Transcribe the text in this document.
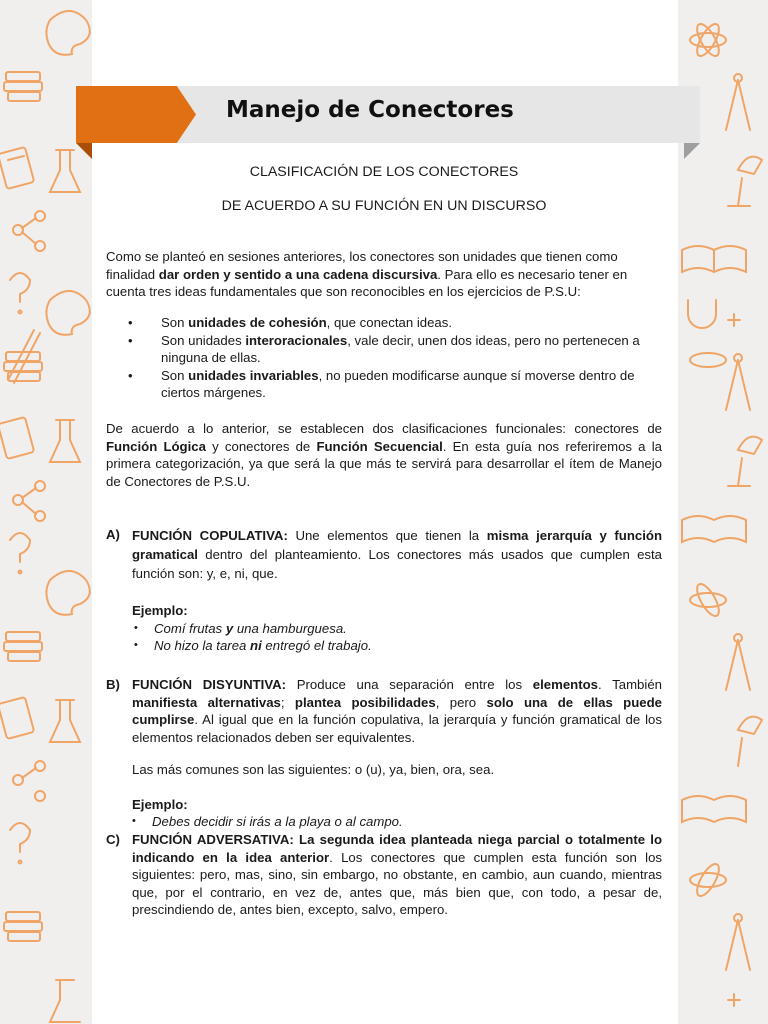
Manejo de Conectores

CLASIFICACIÓN DE LOS CONECTORES

DE ACUERDO A SU FUNCIÓN EN UN DISCURSO

Como se planteó en sesiones anteriores, los conectores son unidades que tienen como finalidad dar orden y sentido a una cadena discursiva. Para ello es necesario tener en cuenta tres ideas fundamentales que son reconocibles en los ejercicios de P.S.U:

• Son unidades de cohesión, que conectan ideas.
• Son unidades interoracionales, vale decir, unen dos ideas, pero no pertenecen a ninguna de ellas.
• Son unidades invariables, no pueden modificarse aunque sí moverse dentro de ciertos márgenes.

De acuerdo a lo anterior, se establecen dos clasificaciones funcionales: conectores de Función Lógica y conectores de Función Secuencial. En esta guía nos referiremos a la primera categorización, ya que será la que más te servirá para desarrollar el ítem de Manejo de Conectores de P.S.U.

A) FUNCIÓN COPULATIVA: Une elementos que tienen la misma jerarquía y función gramatical dentro del planteamiento. Los conectores más usados que cumplen esta función son: y, e, ni, que.

Ejemplo:

• Comí frutas y una hamburguesa.
• No hizo la tarea ni entregó el trabajo.
B) FUNCIÓN DISYUNTIVA: Produce una separación entre los elementos. También manifiesta alternativas; plantea posibilidades, pero solo una de ellas puede cumplirse. Al igual que en la función copulativa, la jerarquía y función gramatical de los elementos relacionados deben ser equivalentes.

Las más comunes son las siguientes: o (u), ya, bien, ora, sea.

Ejemplo:

• Debes decidir si irás a la playa o al campo.
C) FUNCIÓN ADVERSATIVA: La segunda idea planteada niega parcial o totalmente lo indicando en la idea anterior. Los conectores que cumplen esta función son los siguientes: pero, mas, sino, sin embargo, no obstante, en cambio, aun cuando, mientras que, por el contrario, en vez de, antes que, más bien que, con todo, a pesar de, prescindiendo de, antes bien, excepto, salvo, empero.
